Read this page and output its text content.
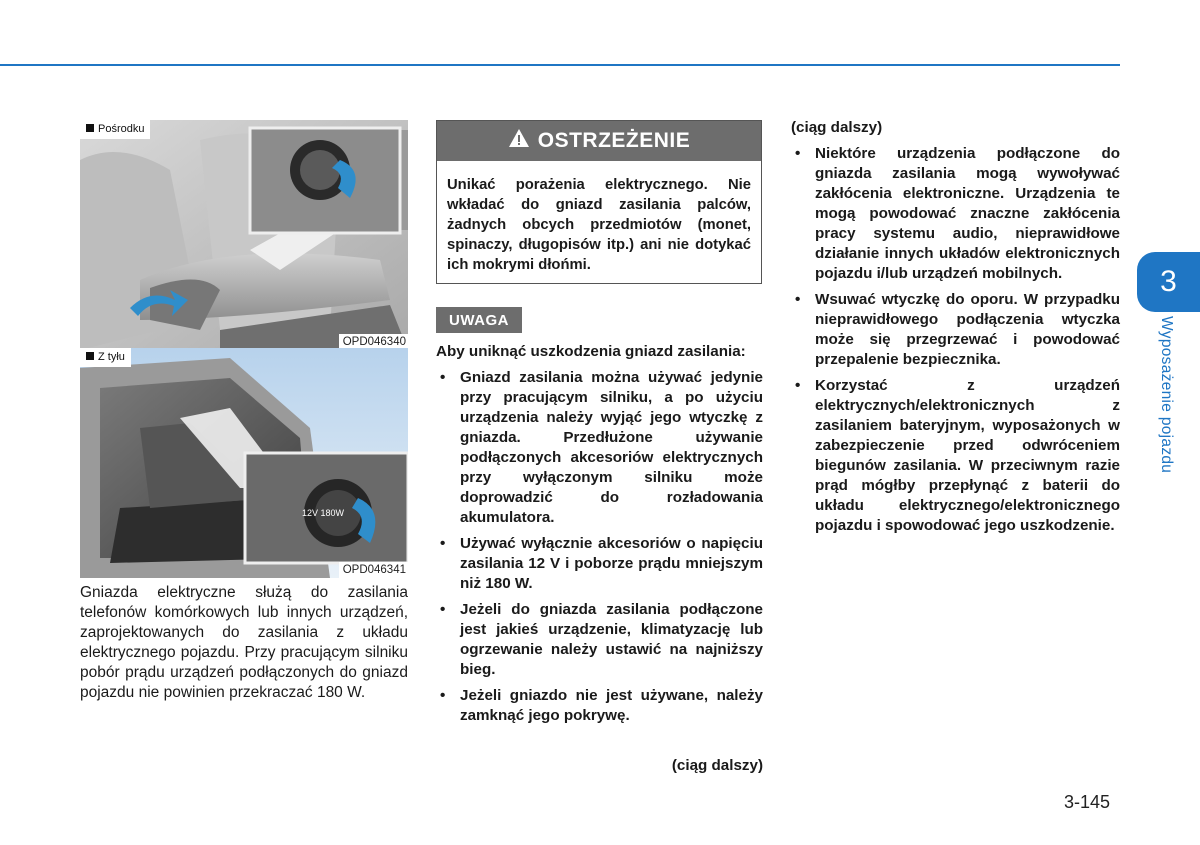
Pośrodku
OPD046340
12V 180W
Z tyłu
OPD046341
Gniazda elektryczne służą do zasilania telefonów komórkowych lub innych urządzeń, zaprojektowanych do zasilania z układu elektrycznego pojazdu. Przy pracującym silniku pobór prądu urządzeń podłączonych do gniazd pojazdu nie powinien przekraczać 180 W.
OSTRZEŻENIE
Unikać porażenia elektrycznego. Nie wkładać do gniazd zasilania palców, żadnych obcych przedmiotów (monet, spinaczy, długopisów itp.) ani nie dotykać ich mokrymi dłońmi.
UWAGA

Aby uniknąć uszkodzenia gniazd zasilania:

• Gniazd zasilania można używać jedynie przy pracującym silniku, a po użyciu urządzenia należy wyjąć jego wtyczkę z gniazda. Przedłużone używanie podłączonych akcesoriów elektrycznych przy wyłączonym silniku może doprowadzić do rozładowania akumulatora.
• Używać wyłącznie akcesoriów o napięciu zasilania 12 V i poborze prądu mniejszym niż 180 W.
• Jeżeli do gniazda zasilania podłączone jest jakieś urządzenie, klimatyzację lub ogrzewanie należy ustawić na najniższy bieg.
• Jeżeli gniazdo nie jest używane, należy zamknąć jego pokrywę.
(ciąg dalszy)

(ciąg dalszy)

• Niektóre urządzenia podłączone do gniazda zasilania mogą wywoływać zakłócenia elektroniczne. Urządzenia te mogą powodować znaczne zakłócenia pracy systemu audio, nieprawidłowe działanie innych układów elektronicznych pojazdu i/lub urządzeń mobilnych.
• Wsuwać wtyczkę do oporu. W przypadku nieprawidłowego podłączenia wtyczka może się przegrzewać i powodować przepalenie bezpiecznika.
• Korzystać z urządzeń elektrycznych/elektronicznych z zasilaniem bateryjnym, wyposażonych w zabezpieczenie przed odwróceniem biegunów zasilania. W przeciwnym razie prąd mógłby przepłynąć z baterii do układu elektrycznego/elektronicznego pojazdu i spowodować jego uszkodzenie.
3
Wyposażenie pojazdu
3-145
